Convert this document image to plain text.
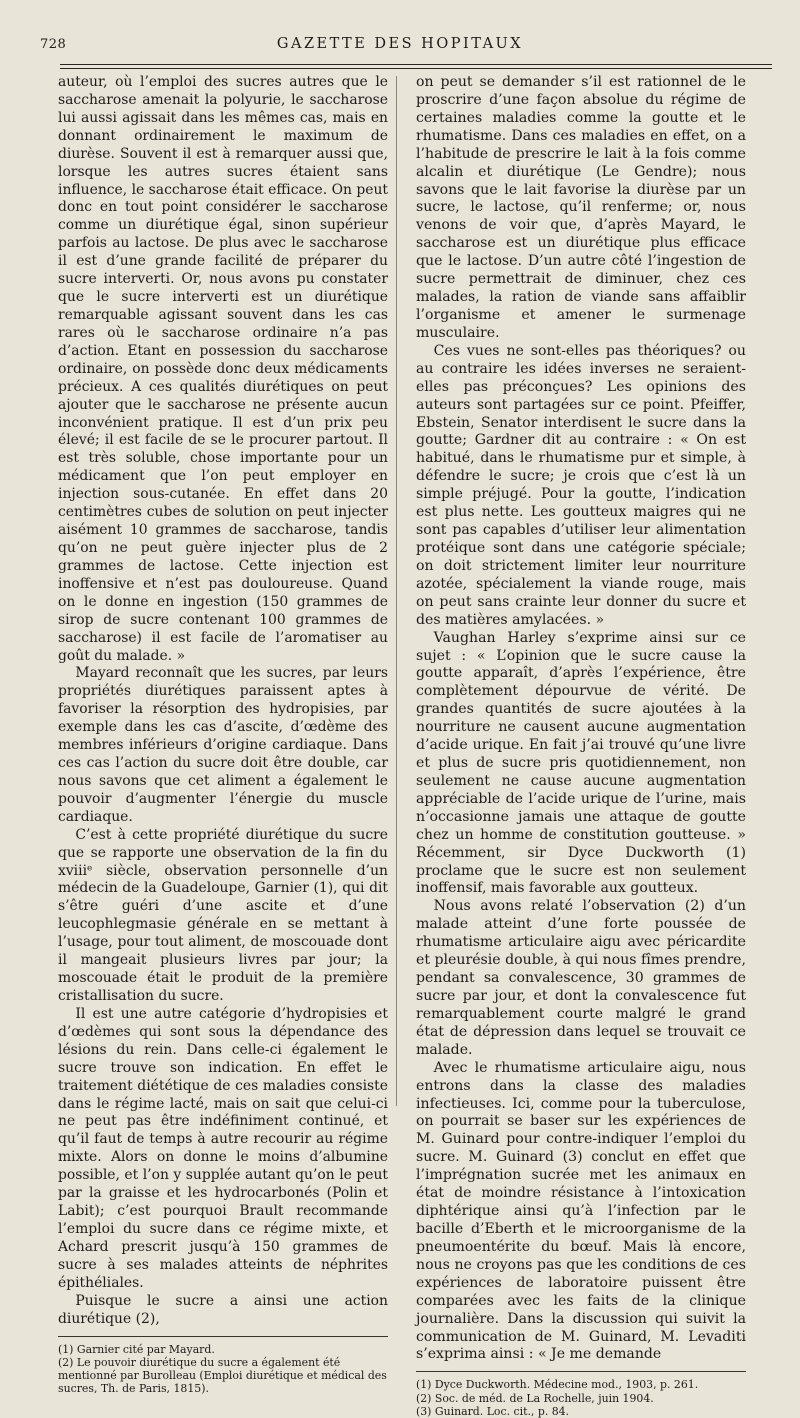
728	GAZETTE DES HOPITAUX

auteur, où l’emploi des sucres autres que le saccharose amenait la polyurie, le saccharose lui aussi agissait dans les mêmes cas, mais en donnant ordinairement le maximum de diurèse. Souvent il est à remarquer aussi que, lorsque les autres sucres étaient sans influence, le saccharose était efficace. On peut donc en tout point considérer le saccharose comme un diurétique égal, sinon supérieur parfois au lactose. De plus avec le saccharose il est d’une grande facilité de préparer du sucre interverti. Or, nous avons pu constater que le sucre interverti est un diurétique remarquable agissant souvent dans les cas rares où le saccharose ordinaire n’a pas d’action. Etant en possession du saccharose ordinaire, on possède donc deux médicaments précieux. A ces qualités diurétiques on peut ajouter que le saccharose ne présente aucun inconvénient pratique. Il est d’un prix peu élevé; il est facile de se le procurer partout. Il est très soluble, chose importante pour un médicament que l’on peut employer en injection sous-cutanée. En effet dans 20 centimètres cubes de solution on peut injecter aisément 10 grammes de saccharose, tandis qu’on ne peut guère injecter plus de 2 grammes de lactose. Cette injection est inoffensive et n’est pas douloureuse. Quand on le donne en ingestion (150 grammes de sirop de sucre contenant 100 grammes de saccharose) il est facile de l’aromatiser au goût du malade. »

Mayard reconnaît que les sucres, par leurs propriétés diurétiques paraissent aptes à favoriser la résorption des hydropisies, par exemple dans les cas d’ascite, d’œdème des membres inférieurs d’origine cardiaque. Dans ces cas l’action du sucre doit être double, car nous savons que cet aliment a également le pouvoir d’augmenter l’énergie du muscle cardiaque.

C’est à cette propriété diurétique du sucre que se rapporte une observation de la fin du xviiiᵉ siècle, observation personnelle d’un médecin de la Guadeloupe, Garnier (1), qui dit s’être guéri d’une ascite et d’une leucophlegmasie générale en se mettant à l’usage, pour tout aliment, de moscouade dont il mangeait plusieurs livres par jour; la moscouade était le produit de la première cristallisation du sucre.

Il est une autre catégorie d’hydropisies et d’œdèmes qui sont sous la dépendance des lésions du rein. Dans celle-ci également le sucre trouve son indication. En effet le traitement diététique de ces maladies consiste dans le régime lacté, mais on sait que celui-ci ne peut pas être indéfiniment continué, et qu’il faut de temps à autre recourir au régime mixte. Alors on donne le moins d’albumine possible, et l’on y supplée autant qu’on le peut par la graisse et les hydrocarbonés (Polin et Labit); c’est pourquoi Brault recommande l’emploi du sucre dans ce régime mixte, et Achard prescrit jusqu’à 150 grammes de sucre à ses malades atteints de néphrites épithéliales.

Puisque le sucre a ainsi une action diurétique (2),

(1) Garnier cité par Mayard.

(2) Le pouvoir diurétique du sucre a également été mentionné par Burolleau (Emploi diurétique et médical des sucres, Th. de Paris, 1815).

on peut se demander s’il est rationnel de le proscrire d’une façon absolue du régime de certaines maladies comme la goutte et le rhumatisme. Dans ces maladies en effet, on a l’habitude de prescrire le lait à la fois comme alcalin et diurétique (Le Gendre); nous savons que le lait favorise la diurèse par un sucre, le lactose, qu’il renferme; or, nous venons de voir que, d’après Mayard, le saccharose est un diurétique plus efficace que le lactose. D’un autre côté l’ingestion de sucre permettrait de diminuer, chez ces malades, la ration de viande sans affaiblir l’organisme et amener le surmenage musculaire.

Ces vues ne sont-elles pas théoriques? ou au contraire les idées inverses ne seraient-elles pas préconçues? Les opinions des auteurs sont partagées sur ce point. Pfeiffer, Ebstein, Senator interdisent le sucre dans la goutte; Gardner dit au contraire : « On est habitué, dans le rhumatisme pur et simple, à défendre le sucre; je crois que c’est là un simple préjugé. Pour la goutte, l’indication est plus nette. Les goutteux maigres qui ne sont pas capables d’utiliser leur alimentation protéique sont dans une catégorie spéciale; on doit strictement limiter leur nourriture azotée, spécialement la viande rouge, mais on peut sans crainte leur donner du sucre et des matières amylacées. »

Vaughan Harley s’exprime ainsi sur ce sujet : « L’opinion que le sucre cause la goutte apparaît, d’après l’expérience, être complètement dépourvue de vérité. De grandes quantités de sucre ajoutées à la nourriture ne causent aucune augmentation d’acide urique. En fait j’ai trouvé qu’une livre et plus de sucre pris quotidiennement, non seulement ne cause aucune augmentation appréciable de l’acide urique de l’urine, mais n’occasionne jamais une attaque de goutte chez un homme de constitution goutteuse. » Récemment, sir Dyce Duckworth (1) proclame que le sucre est non seulement inoffensif, mais favorable aux goutteux.

Nous avons relaté l’observation (2) d’un malade atteint d’une forte poussée de rhumatisme articulaire aigu avec péricardite et pleurésie double, à qui nous fîmes prendre, pendant sa convalescence, 30 grammes de sucre par jour, et dont la convalescence fut remarquablement courte malgré le grand état de dépression dans lequel se trouvait ce malade.

Avec le rhumatisme articulaire aigu, nous entrons dans la classe des maladies infectieuses. Ici, comme pour la tuberculose, on pourrait se baser sur les expériences de M. Guinard pour contre-indiquer l’emploi du sucre. M. Guinard (3) conclut en effet que l’imprégnation sucrée met les animaux en état de moindre résistance à l’intoxication diphtérique ainsi qu’à l’infection par le bacille d’Eberth et le microorganisme de la pneumoentérite du bœuf. Mais là encore, nous ne croyons pas que les conditions de ces expériences de laboratoire puissent être comparées avec les faits de la clinique journalière. Dans la discussion qui suivit la communication de M. Guinard, M. Levaditi s’exprima ainsi : « Je me demande

(1) Dyce Duckworth. Médecine mod., 1903, p. 261.

(2) Soc. de méd. de La Rochelle, juin 1904.

(3) Guinard. Loc. cit., p. 84.
